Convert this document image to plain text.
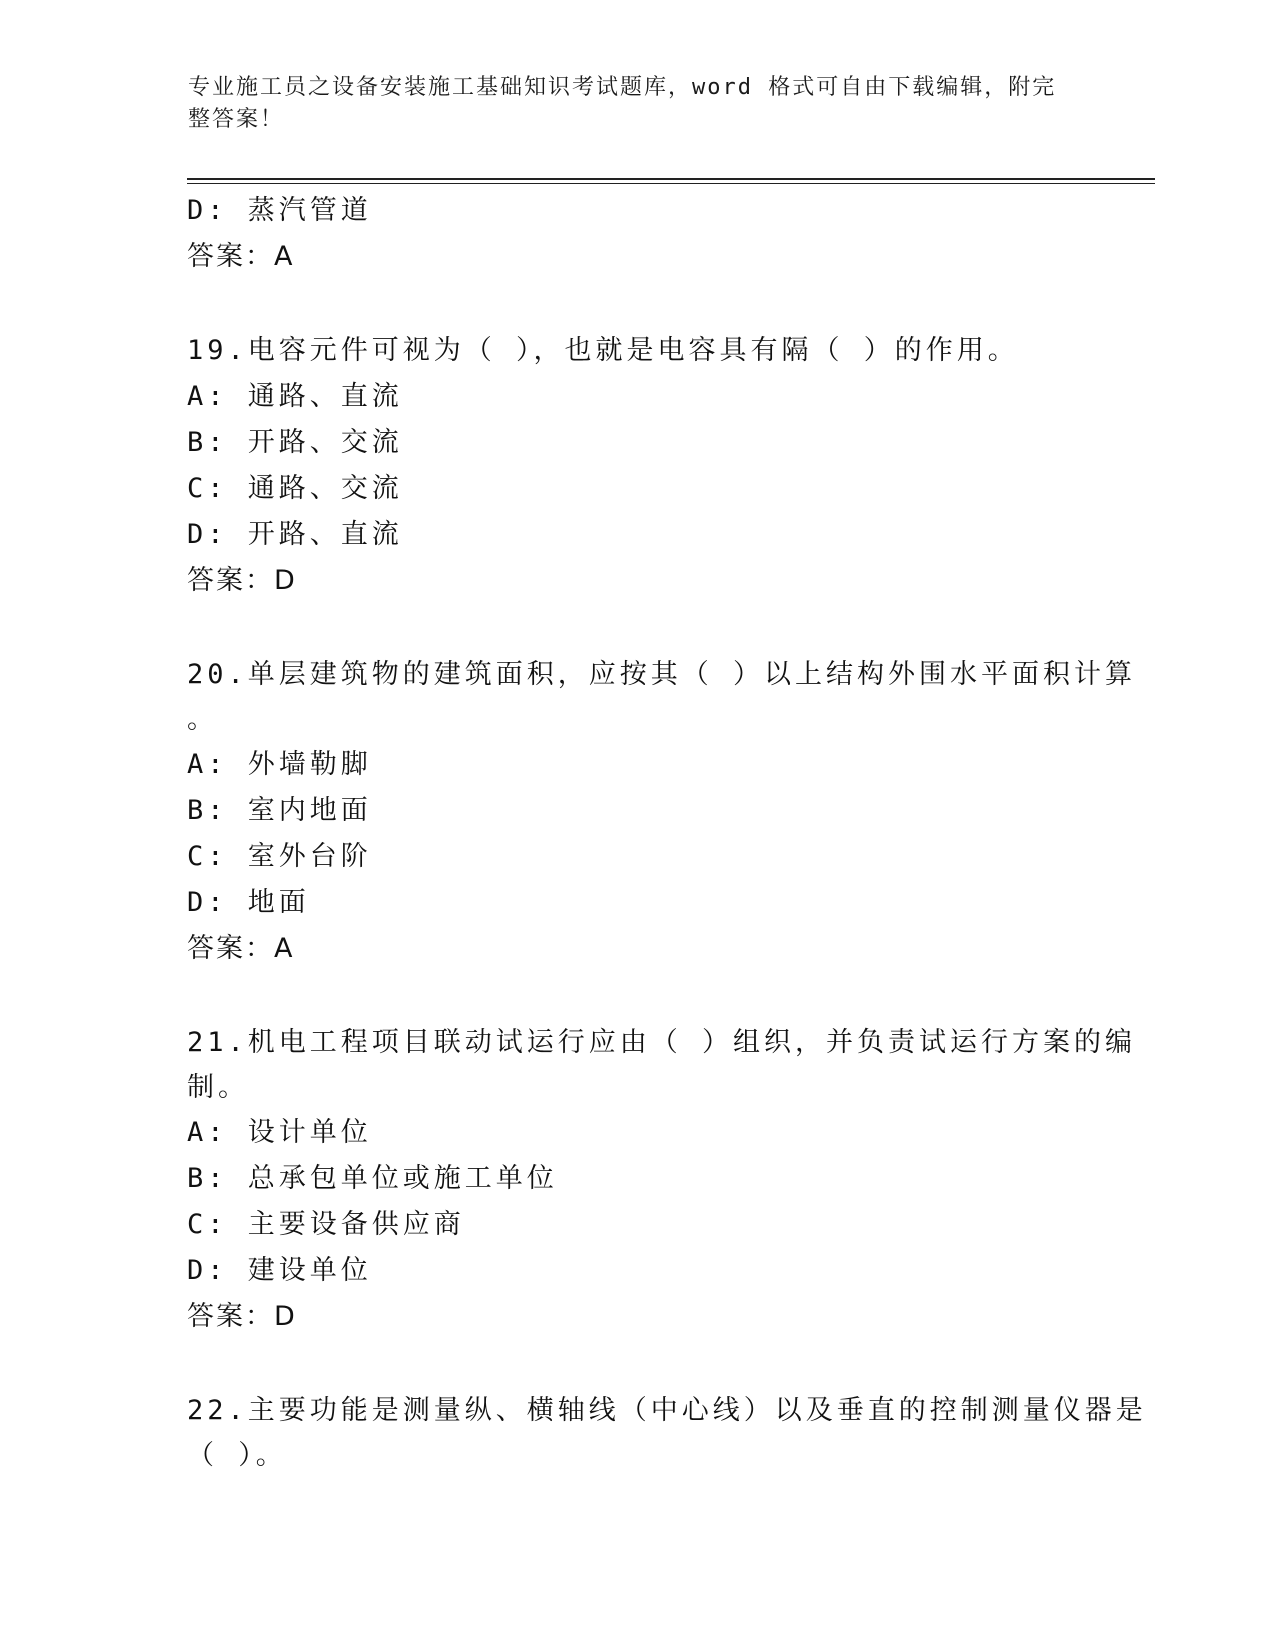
专业施工员之设备安装施工基础知识考试题库，word 格式可自由下载编辑，附完
整答案！
D: 蒸汽管道
答案：A
19.电容元件可视为（ ），也就是电容具有隔（ ）的作用。
A: 通路、直流
B: 开路、交流
C: 通路、交流
D: 开路、直流
答案：D
20.单层建筑物的建筑面积，应按其（ ）以上结构外围水平面积计算
。
A: 外墙勒脚
B: 室内地面
C: 室外台阶
D: 地面
答案：A
21.机电工程项目联动试运行应由（ ）组织，并负责试运行方案的编
制。
A: 设计单位
B: 总承包单位或施工单位
C: 主要设备供应商
D: 建设单位
答案：D
22.主要功能是测量纵、横轴线（中心线）以及垂直的控制测量仪器是
（ ）。
